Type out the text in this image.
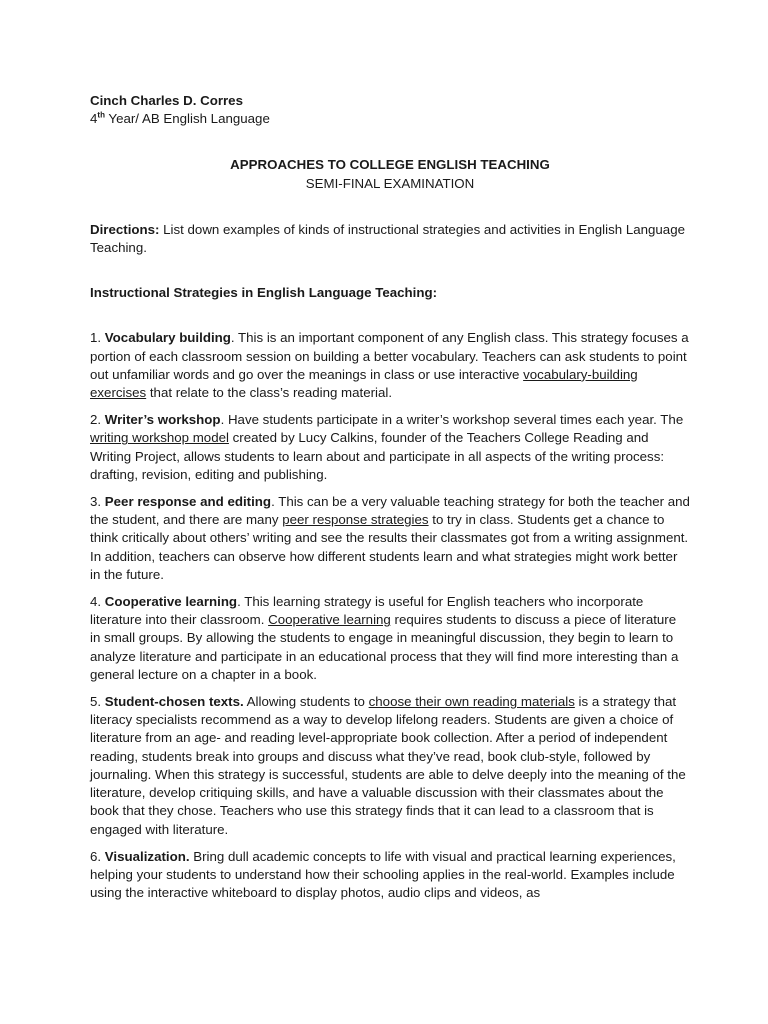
Cinch Charles D. Corres
4th Year/ AB English Language
APPROACHES TO COLLEGE ENGLISH TEACHING
SEMI-FINAL EXAMINATION
Directions: List down examples of kinds of instructional strategies and activities in English Language Teaching.
Instructional Strategies in English Language Teaching:
1. Vocabulary building. This is an important component of any English class. This strategy focuses a portion of each classroom session on building a better vocabulary. Teachers can ask students to point out unfamiliar words and go over the meanings in class or use interactive vocabulary-building exercises that relate to the class’s reading material.
2. Writer’s workshop. Have students participate in a writer’s workshop several times each year. The writing workshop model created by Lucy Calkins, founder of the Teachers College Reading and Writing Project, allows students to learn about and participate in all aspects of the writing process: drafting, revision, editing and publishing.
3. Peer response and editing. This can be a very valuable teaching strategy for both the teacher and the student, and there are many peer response strategies to try in class. Students get a chance to think critically about others’ writing and see the results their classmates got from a writing assignment. In addition, teachers can observe how different students learn and what strategies might work better in the future.
4. Cooperative learning. This learning strategy is useful for English teachers who incorporate literature into their classroom. Cooperative learning requires students to discuss a piece of literature in small groups. By allowing the students to engage in meaningful discussion, they begin to learn to analyze literature and participate in an educational process that they will find more interesting than a general lecture on a chapter in a book.
5. Student-chosen texts. Allowing students to choose their own reading materials is a strategy that literacy specialists recommend as a way to develop lifelong readers. Students are given a choice of literature from an age- and reading level-appropriate book collection. After a period of independent reading, students break into groups and discuss what they’ve read, book club-style, followed by journaling. When this strategy is successful, students are able to delve deeply into the meaning of the literature, develop critiquing skills, and have a valuable discussion with their classmates about the book that they chose. Teachers who use this strategy finds that it can lead to a classroom that is engaged with literature.
6. Visualization. Bring dull academic concepts to life with visual and practical learning experiences, helping your students to understand how their schooling applies in the real-world. Examples include using the interactive whiteboard to display photos, audio clips and videos, as
